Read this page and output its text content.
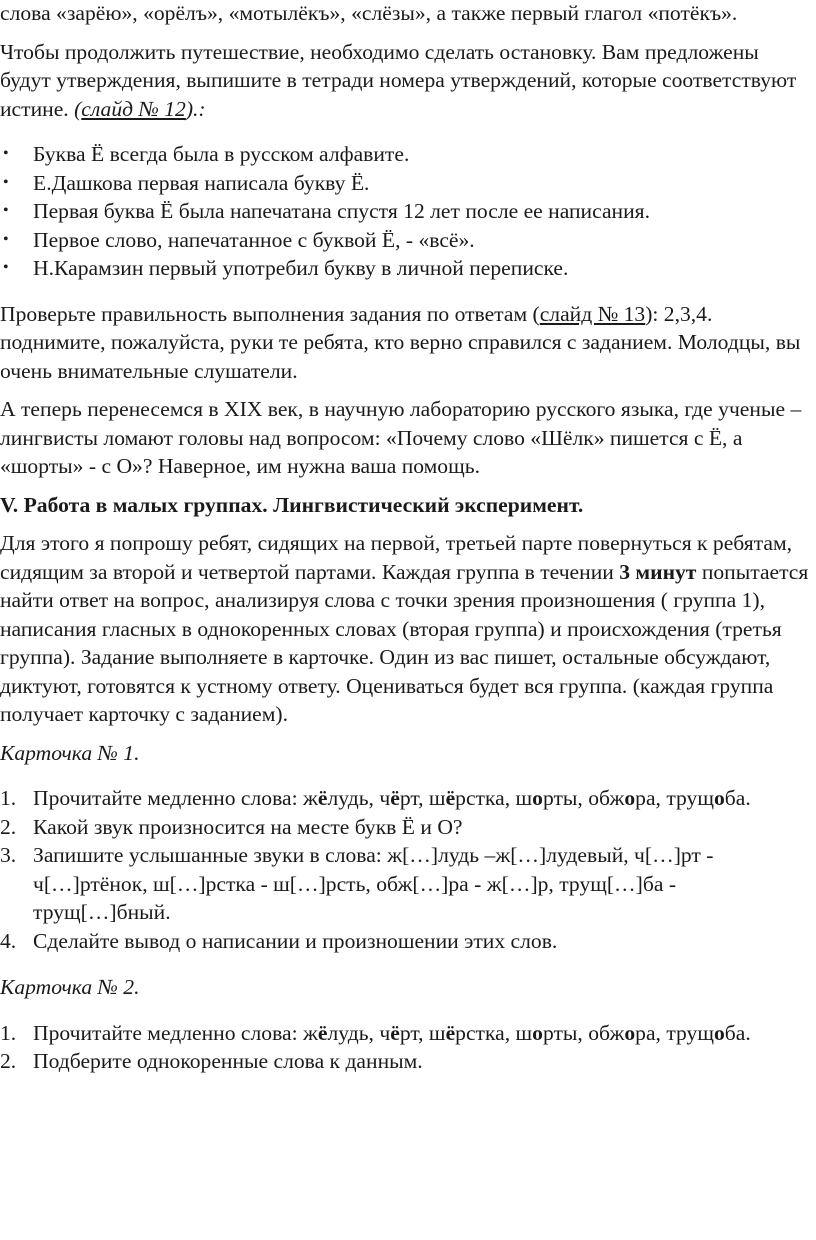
слова «зарёю», «орёлъ», «мотылёкъ», «слёзы», а также первый глагол «потёкъ».

Чтобы продолжить путешествие, необходимо сделать остановку. Вам предложены будут утверждения, выпишите в тетради номера утверждений, которые соответствуют истине. (слайд № 12).:

• Буква Ё всегда была в русском алфавите.
• Е.Дашкова первая написала букву Ё.
• Первая буква Ё была напечатана спустя 12 лет после ее написания.
• Первое слово, напечатанное с буквой Ё, - «всё».
• Н.Карамзин первый употребил букву в личной переписке.

Проверьте правильность выполнения задания по ответам (слайд № 13): 2,3,4. поднимите, пожалуйста, руки те ребята, кто верно справился с заданием. Молодцы, вы очень внимательные слушатели.

А теперь перенесемся в XIX век, в научную лабораторию русского языка, где ученые – лингвисты ломают головы над вопросом: «Почему слово «Шёлк» пишется с Ё, а «шорты» - с О»? Наверное, им нужна ваша помощь.

V. Работа в малых группах. Лингвистический эксперимент.

Для этого я попрошу ребят, сидящих на первой, третьей парте повернуться к ребятам, сидящим за второй и четвертой партами. Каждая группа в течении 3 минут попытается найти ответ на вопрос, анализируя слова с точки зрения произношения ( группа 1), написания гласных в однокоренных словах (вторая группа) и происхождения (третья группа). Задание выполняете в карточке. Один из вас пишет, остальные обсуждают, диктуют, готовятся к устному ответу. Оцениваться будет вся группа. (каждая группа получает карточку с заданием).

Карточка № 1.

1. Прочитайте медленно слова: жёлудь, чёрт, шёрстка, шорты, обжора, трущоба.
2. Какой звук произносится на месте букв Ё и О?
3. Запишите услышанные звуки в слова: ж[…]лудь –ж[…]лудевый, ч[…]рт - ч[…]ртёнок, ш[…]рстка - ш[…]рсть, обж[…]ра - ж[…]р, трущ[…]ба - трущ[…]бный.
4. Сделайте вывод о написании и произношении этих слов.

Карточка № 2.

1. Прочитайте медленно слова: жёлудь, чёрт, шёрстка, шорты, обжора, трущоба.
2. Подберите однокоренные слова к данным.
